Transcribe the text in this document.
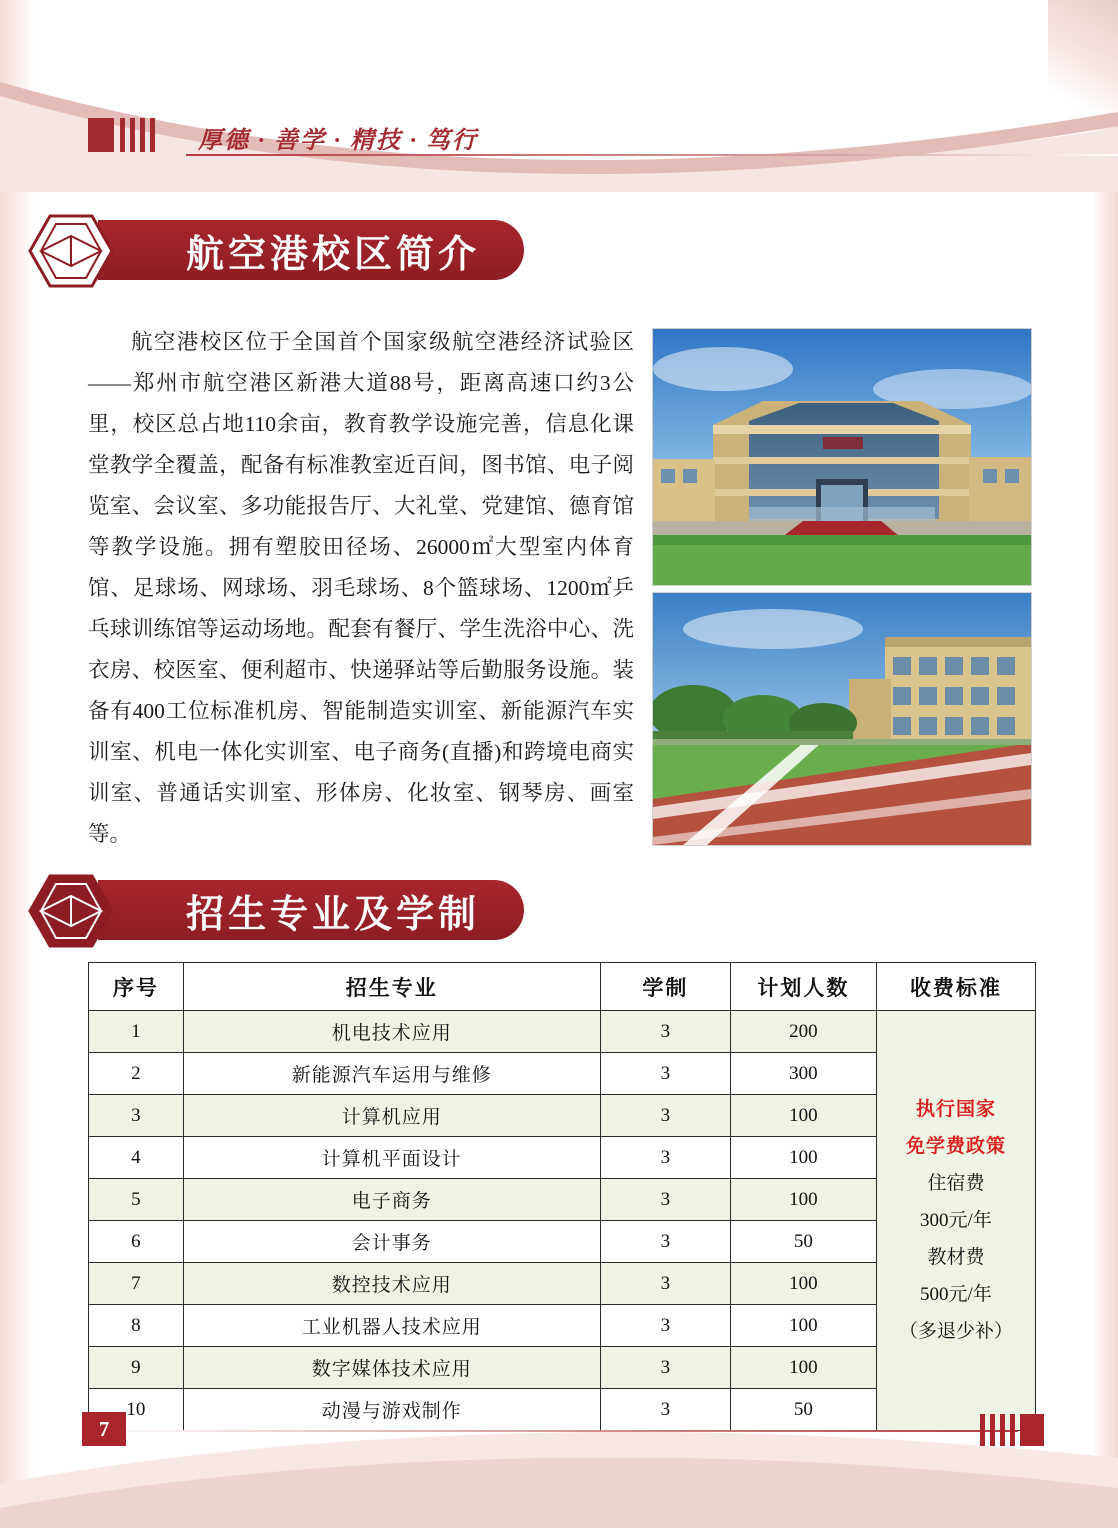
厚德 · 善学 · 精技 · 笃行
航空港校区简介
航空港校区位于全国首个国家级航空港经济试验区——郑州市航空港区新港大道88号，距离高速口约3公里，校区总占地110余亩，教育教学设施完善，信息化课堂教学全覆盖，配备有标准教室近百间，图书馆、电子阅览室、会议室、多功能报告厅、大礼堂、党建馆、德育馆等教学设施。拥有塑胶田径场、26000㎡大型室内体育馆、足球场、网球场、羽毛球场、8个篮球场、1200㎡乒乓球训练馆等运动场地。配套有餐厅、学生洗浴中心、洗衣房、校医室、便利超市、快递驿站等后勤服务设施。装备有400工位标准机房、智能制造实训室、新能源汽车实训室、机电一体化实训室、电子商务(直播)和跨境电商实训室、普通话实训室、形体房、化妆室、钢琴房、画室等。
招生专业及学制
序号	招生专业	学制	计划人数	收费标准
1	机电技术应用	3	200	
执行国家
免学费政策
住宿费
300元/年
教材费
500元/年
（多退少补）

2	新能源汽车运用与维修	3	300	
3	计算机应用	3	100	
4	计算机平面设计	3	100	
5	电子商务	3	100	
6	会计事务	3	50	
7	数控技术应用	3	100	
8	工业机器人技术应用	3	100	
9	数字媒体技术应用	3	100	
10	动漫与游戏制作	3	50	
7
